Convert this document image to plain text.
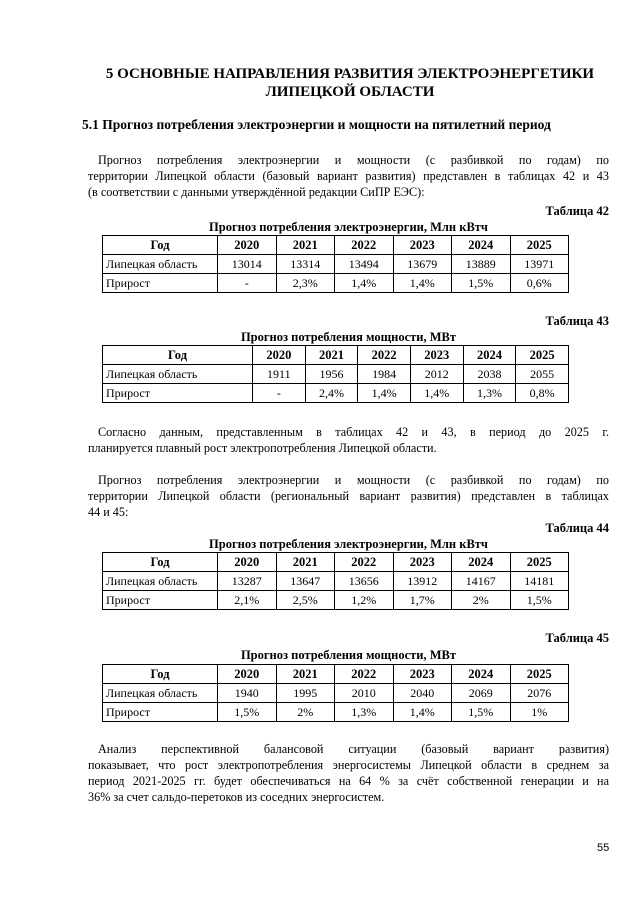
5 ОСНОВНЫЕ НАПРАВЛЕНИЯ РАЗВИТИЯ ЭЛЕКТРОЭНЕРГЕТИКИ
ЛИПЕЦКОЙ ОБЛАСТИ
5.1 Прогноз потребления электроэнергии и мощности на пятилетний период
Прогноз потребления электроэнергии и мощности (с разбивкой по годам) по
территории Липецкой области (базовый вариант развития) представлен в таблицах 42 и 43
(в соответствии с данными утверждённой редакции СиПР ЕЭС):
Таблица 42
Прогноз потребления электроэнергии, Млн кВтч
Год	2020	2021	2022	2023	2024	2025
Липецкая область	13014	13314	13494	13679	13889	13971
Прирост	-	2,3%	1,4%	1,4%	1,5%	0,6%
Таблица 43
Прогноз потребления мощности, МВт
Год	2020	2021	2022	2023	2024	2025
Липецкая область	1911	1956	1984	2012	2038	2055
Прирост	-	2,4%	1,4%	1,4%	1,3%	0,8%
Согласно данным, представленным в таблицах 42 и 43, в период до 2025 г.
планируется плавный рост электропотребления Липецкой области.
Прогноз потребления электроэнергии и мощности (с разбивкой по годам) по
территории Липецкой области (региональный вариант развития) представлен в таблицах
44 и 45:
Таблица 44
Прогноз потребления электроэнергии, Млн кВтч
Год	2020	2021	2022	2023	2024	2025
Липецкая область	13287	13647	13656	13912	14167	14181
Прирост	2,1%	2,5%	1,2%	1,7%	2%	1,5%
Таблица 45
Прогноз потребления мощности, МВт
Год	2020	2021	2022	2023	2024	2025
Липецкая область	1940	1995	2010	2040	2069	2076
Прирост	1,5%	2%	1,3%	1,4%	1,5%	1%
Анализ перспективной балансовой ситуации (базовый вариант развития)
показывает, что рост электропотребления энергосистемы Липецкой области в среднем за
период 2021-2025 гг. будет обеспечиваться на 64 % за счёт собственной генерации и на
36% за счет сальдо-перетоков из соседних энергосистем.
55
